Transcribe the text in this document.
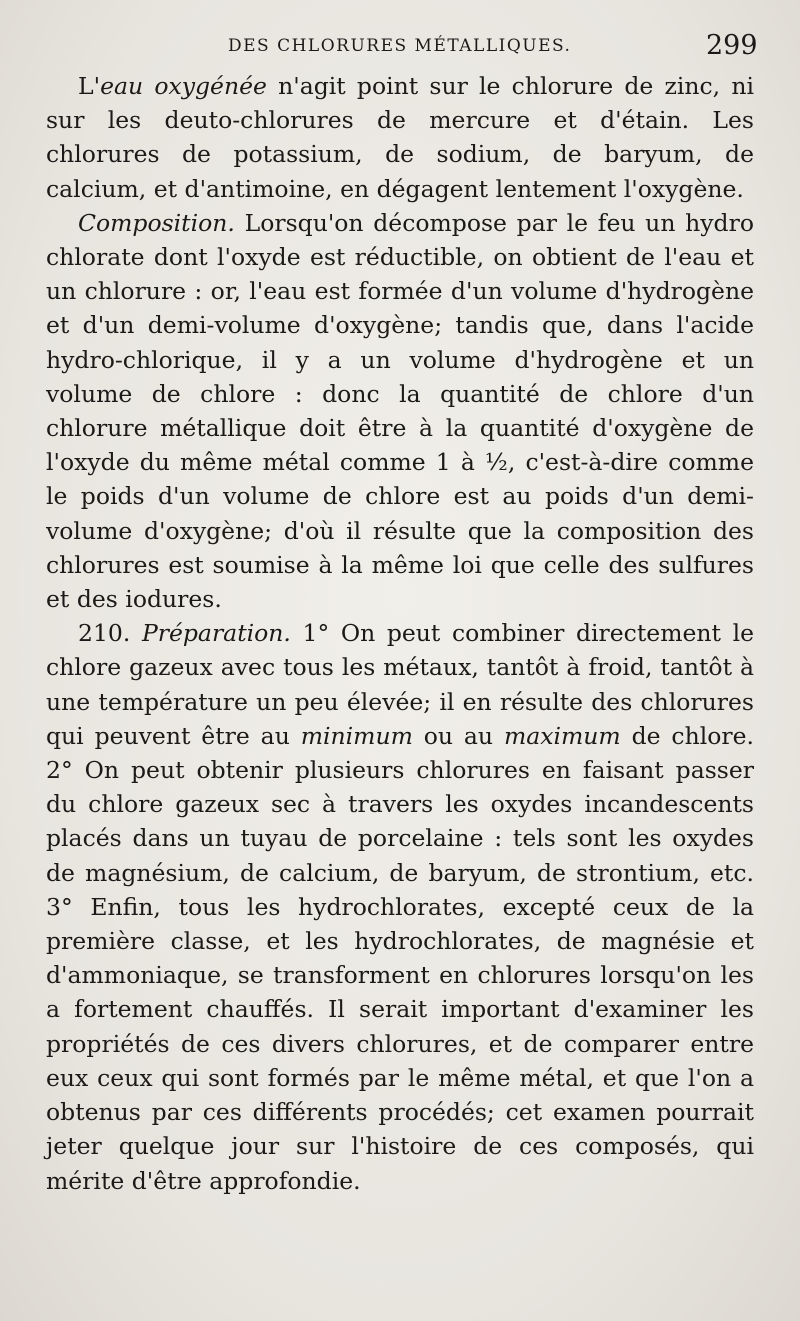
DES CHLORURES MÉTALLIQUES.	299

L'eau oxygénée n'agit point sur le chlorure de zinc, ni sur les deuto-chlorures de mercure et d'étain. Les chlorures de potassium, de sodium, de baryum, de calcium, et d'antimoine, en dégagent lentement l'oxygène.

Composition. Lorsqu'on décompose par le feu un hydro chlorate dont l'oxyde est réductible, on obtient de l'eau et un chlorure : or, l'eau est formée d'un volume d'hydrogène et d'un demi-volume d'oxygène; tandis que, dans l'acide hydro-chlorique, il y a un volume d'hydrogène et un volume de chlore : donc la quantité de chlore d'un chlorure métallique doit être à la quantité d'oxygène de l'oxyde du même métal comme 1 à ½, c'est-à-dire comme le poids d'un volume de chlore est au poids d'un demi-volume d'oxygène; d'où il résulte que la composition des chlorures est soumise à la même loi que celle des sulfures et des iodures.

210. Préparation. 1° On peut combiner directement le chlore gazeux avec tous les métaux, tantôt à froid, tantôt à une température un peu élevée; il en résulte des chlorures qui peuvent être au minimum ou au maximum de chlore. 2° On peut obtenir plusieurs chlorures en faisant passer du chlore gazeux sec à travers les oxydes incandescents placés dans un tuyau de porcelaine : tels sont les oxydes de magnésium, de calcium, de baryum, de strontium, etc. 3° Enfin, tous les hydrochlorates, excepté ceux de la première classe, et les hydrochlorates, de magnésie et d'ammoniaque, se transforment en chlorures lorsqu'on les a fortement chauffés. Il serait important d'examiner les propriétés de ces divers chlorures, et de comparer entre eux ceux qui sont formés par le même métal, et que l'on a obtenus par ces différents procédés; cet examen pourrait jeter quelque jour sur l'histoire de ces composés, qui mérite d'être approfondie.
